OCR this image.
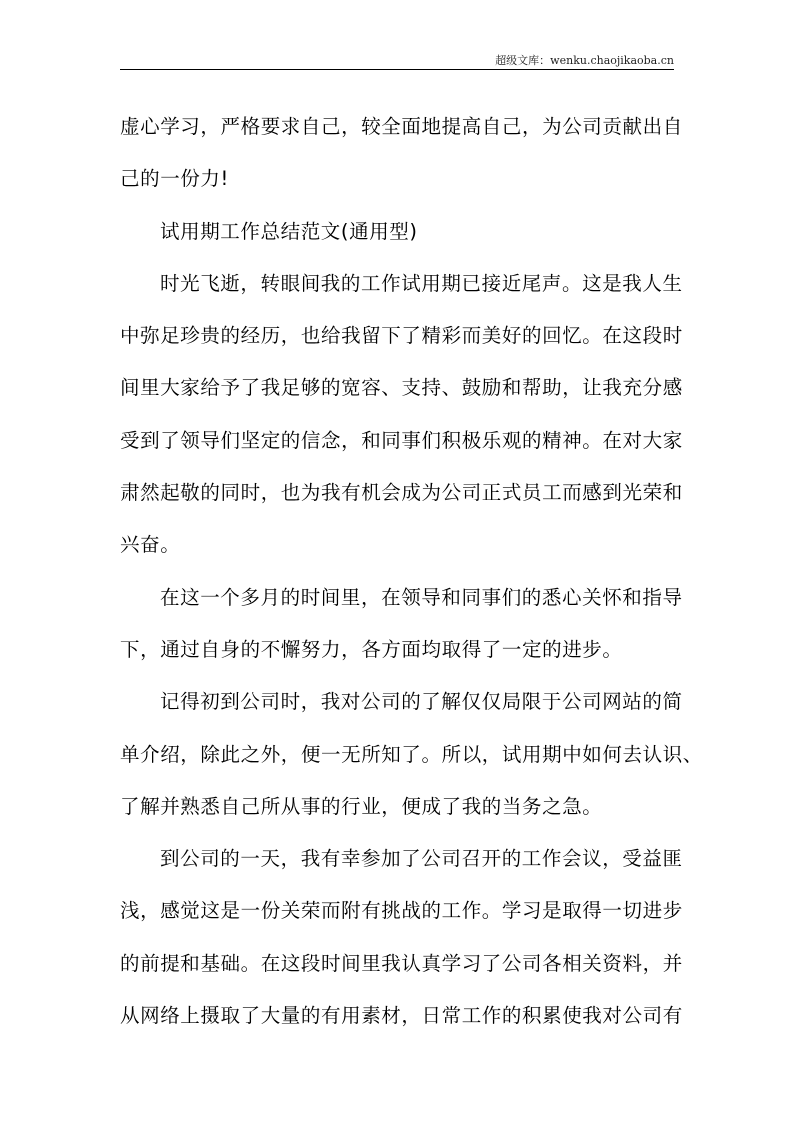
超级文库：wenku.chaojikaoba.cn
虚心学习，严格要求自己，较全面地提高自己，为公司贡献出自
己的一份力!
试用期工作总结范文(通用型)
时光飞逝，转眼间我的工作试用期已接近尾声。这是我人生
中弥足珍贵的经历，也给我留下了精彩而美好的回忆。在这段时
间里大家给予了我足够的宽容、支持、鼓励和帮助，让我充分感
受到了领导们坚定的信念，和同事们积极乐观的精神。在对大家
肃然起敬的同时，也为我有机会成为公司正式员工而感到光荣和
兴奋。
在这一个多月的时间里，在领导和同事们的悉心关怀和指导
下，通过自身的不懈努力，各方面均取得了一定的进步。
记得初到公司时，我对公司的了解仅仅局限于公司网站的简
单介绍，除此之外，便一无所知了。所以，试用期中如何去认识、
了解并熟悉自己所从事的行业，便成了我的当务之急。
到公司的一天，我有幸参加了公司召开的工作会议，受益匪
浅，感觉这是一份关荣而附有挑战的工作。学习是取得一切进步
的前提和基础。在这段时间里我认真学习了公司各相关资料，并
从网络上摄取了大量的有用素材，日常工作的积累使我对公司有
